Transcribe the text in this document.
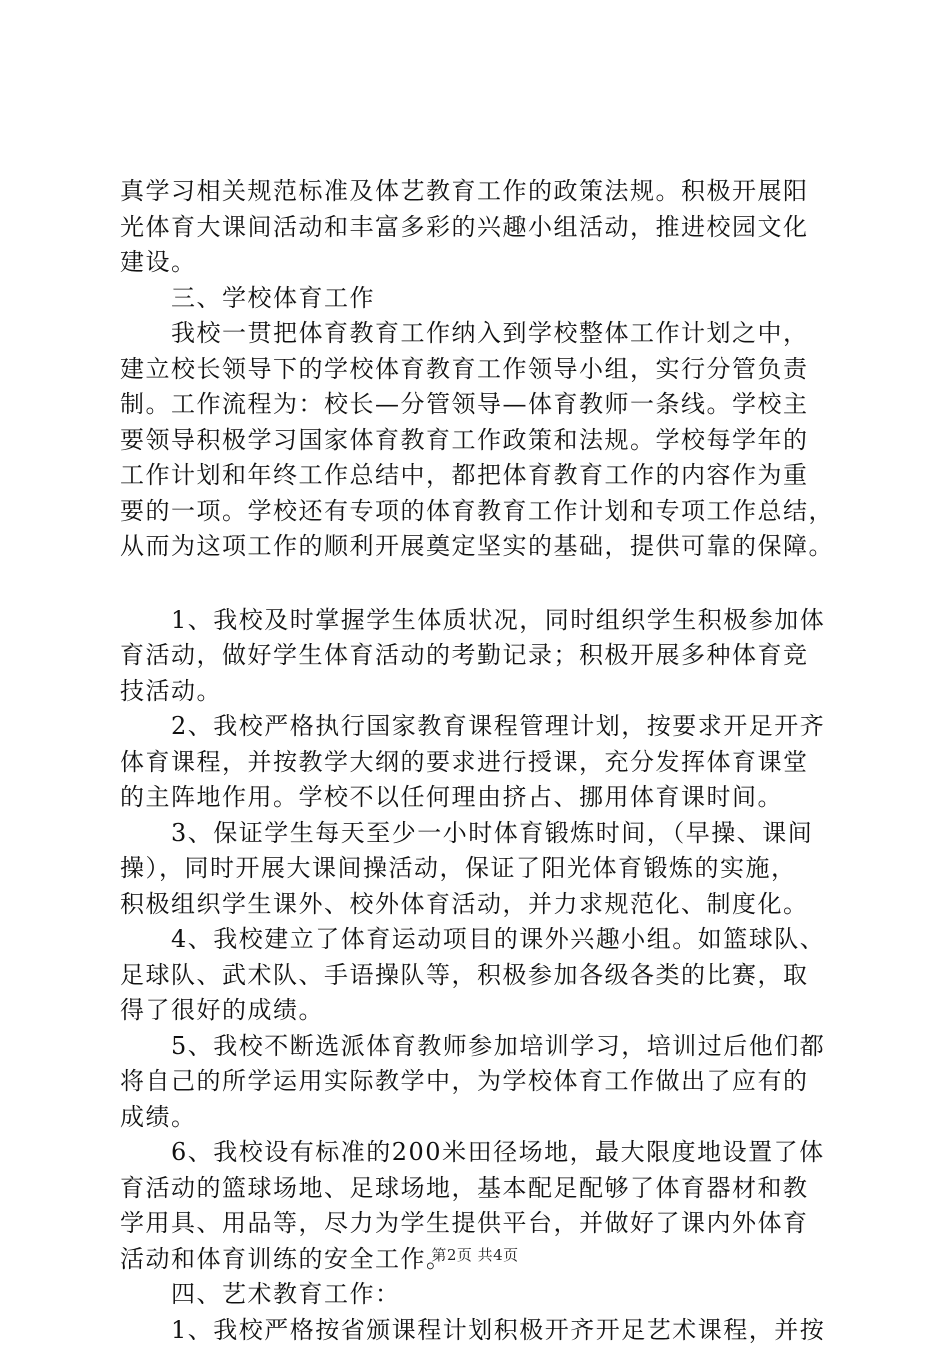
真学习相关规范标准及体艺教育工作的政策法规。积极开展阳
光体育大课间活动和丰富多彩的兴趣小组活动，推进校园文化
建设。
　　三、学校体育工作
　　我校一贯把体育教育工作纳入到学校整体工作计划之中，
建立校长领导下的学校体育教育工作领导小组，实行分管负责
制。工作流程为：校长—分管领导—体育教师一条线。学校主
要领导积极学习国家体育教育工作政策和法规。学校每学年的
工作计划和年终工作总结中，都把体育教育工作的内容作为重
要的一项。学校还有专项的体育教育工作计划和专项工作总结，
从而为这项工作的顺利开展奠定坚实的基础，提供可靠的保障。
　　1、我校及时掌握学生体质状况，同时组织学生积极参加体
育活动，做好学生体育活动的考勤记录；积极开展多种体育竞
技活动。
　　2、我校严格执行国家教育课程管理计划，按要求开足开齐
体育课程，并按教学大纲的要求进行授课，充分发挥体育课堂
的主阵地作用。学校不以任何理由挤占、挪用体育课时间。
　　3、保证学生每天至少一小时体育锻炼时间，（早操、课间
操），同时开展大课间操活动，保证了阳光体育锻炼的实施，
积极组织学生课外、校外体育活动，并力求规范化、制度化。
　　4、我校建立了体育运动项目的课外兴趣小组。如篮球队、
足球队、武术队、手语操队等，积极参加各级各类的比赛，取
得了很好的成绩。
　　5、我校不断选派体育教师参加培训学习，培训过后他们都
将自己的所学运用实际教学中，为学校体育工作做出了应有的
成绩。
　　6、我校设有标准的200米田径场地，最大限度地设置了体
育活动的篮球场地、足球场地，基本配足配够了体育器材和教
学用具、用品等，尽力为学生提供平台，并做好了课内外体育
活动和体育训练的安全工作。
　　四、艺术教育工作：
　　1、我校严格按省颁课程计划积极开齐开足艺术课程，并按
第2页 共4页
